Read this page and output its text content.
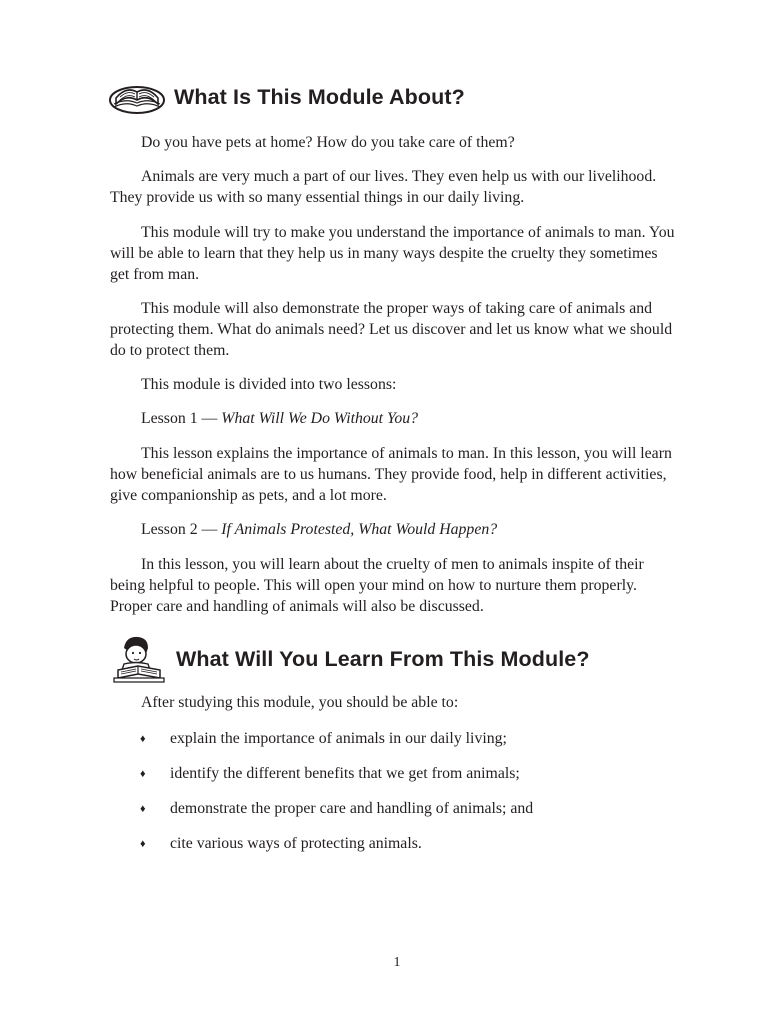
What Is This Module About?

Do you have pets at home? How do you take care of them?

Animals are very much a part of our lives. They even help us with our livelihood. They provide us with so many essential things in our daily living.

This module will try to make you understand the importance of animals to man. You will be able to learn that they help us in many ways despite the cruelty they sometimes get from man.

This module will also demonstrate the proper ways of taking care of animals and protecting them. What do animals need? Let us discover and let us know what we should do to protect them.

This module is divided into two lessons:

Lesson 1 — What Will We Do Without You?

This lesson explains the importance of animals to man. In this lesson, you will learn how beneficial animals are to us humans. They provide food, help in different activities, give companionship as pets, and a lot more.

Lesson 2 — If Animals Protested, What Would Happen?

In this lesson, you will learn about the cruelty of men to animals inspite of their being helpful to people. This will open your mind on how to nurture them properly. Proper care and handling of animals will also be discussed.

What Will You Learn From This Module?

After studying this module, you should be able to:

♦ explain the importance of animals in our daily living;
♦ identify the different benefits that we get from animals;
♦ demonstrate the proper care and handling of animals; and
♦ cite various ways of protecting animals.
1
